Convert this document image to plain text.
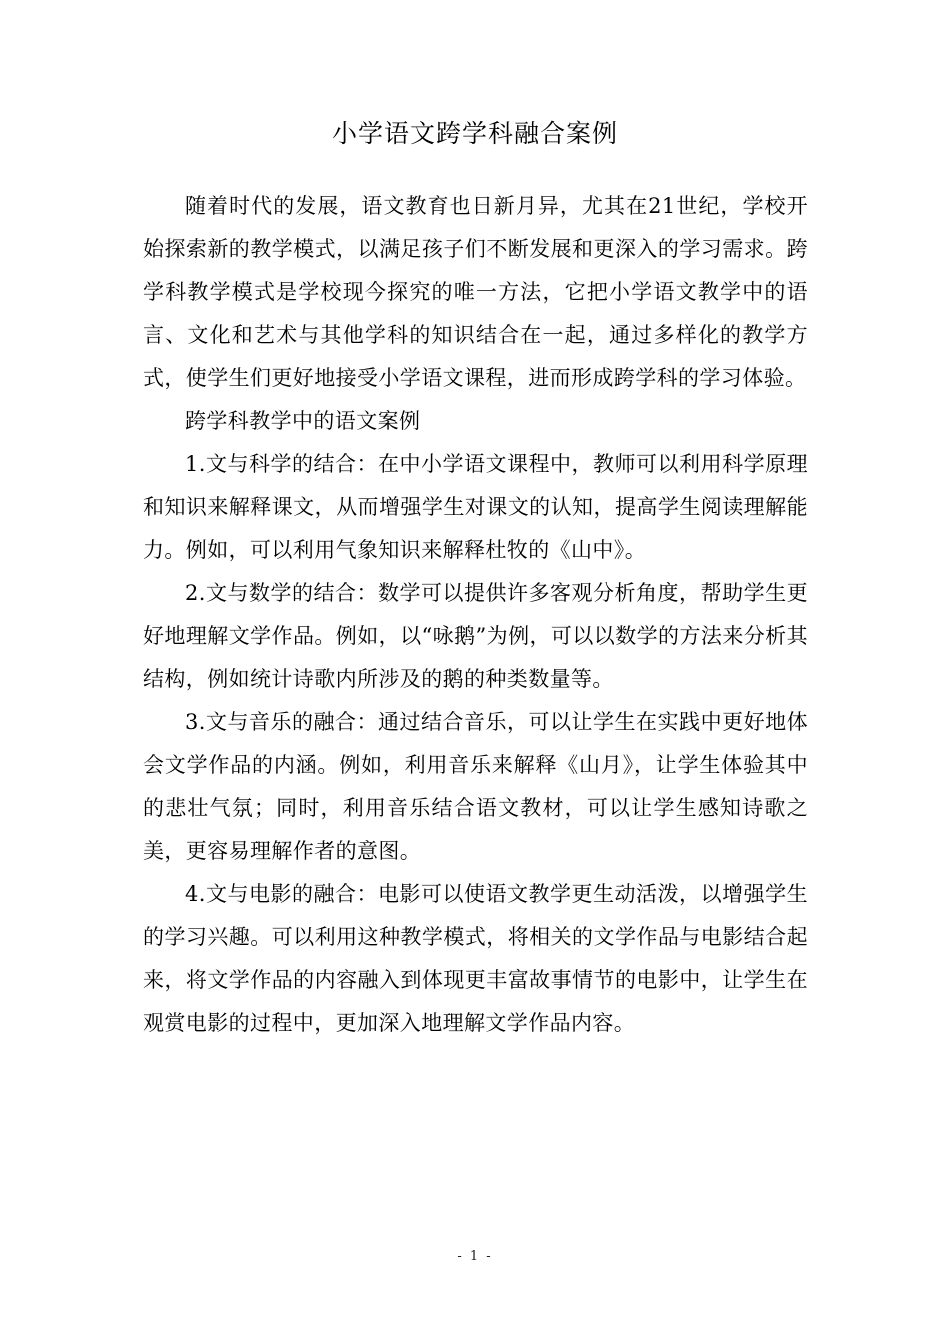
小学语文跨学科融合案例

随着时代的发展，语文教育也日新月异，尤其在21世纪，学校开始探索新的教学模式，以满足孩子们不断发展和更深入的学习需求。跨学科教学模式是学校现今探究的唯一方法，它把小学语文教学中的语言、文化和艺术与其他学科的知识结合在一起，通过多样化的教学方式，使学生们更好地接受小学语文课程，进而形成跨学科的学习体验。

跨学科教学中的语文案例

1.文与科学的结合：在中小学语文课程中，教师可以利用科学原理和知识来解释课文，从而增强学生对课文的认知，提高学生阅读理解能力。例如，可以利用气象知识来解释杜牧的《山中》。

2.文与数学的结合：数学可以提供许多客观分析角度，帮助学生更好地理解文学作品。例如，以“咏鹅”为例，可以以数学的方法来分析其结构，例如统计诗歌内所涉及的鹅的种类数量等。

3.文与音乐的融合：通过结合音乐，可以让学生在实践中更好地体会文学作品的内涵。例如，利用音乐来解释《山月》，让学生体验其中的悲壮气氛；同时，利用音乐结合语文教材，可以让学生感知诗歌之美，更容易理解作者的意图。

4.文与电影的融合：电影可以使语文教学更生动活泼，以增强学生的学习兴趣。可以利用这种教学模式，将相关的文学作品与电影结合起来，将文学作品的内容融入到体现更丰富故事情节的电影中，让学生在观赏电影的过程中，更加深入地理解文学作品内容。

- 1 -
